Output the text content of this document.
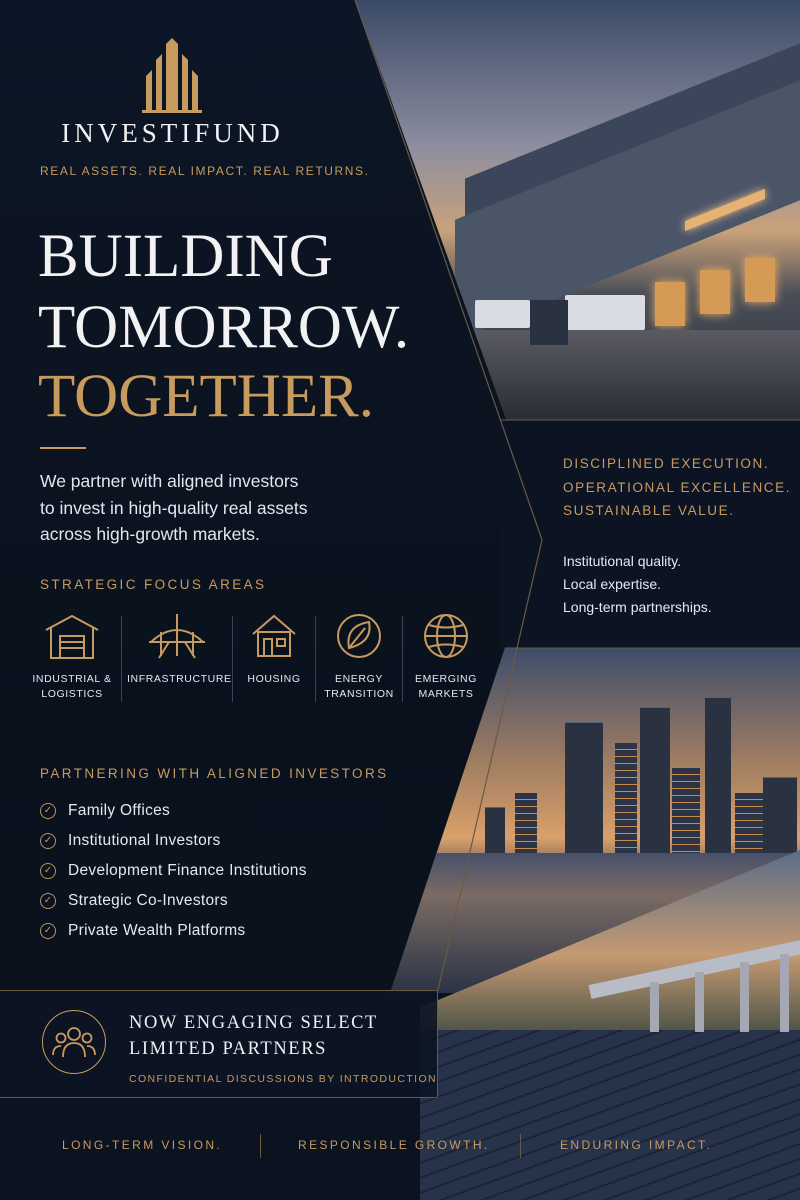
INVESTIFUND
REAL ASSETS. REAL IMPACT. REAL RETURNS.
BUILDING
TOMORROW.
TOGETHER.
We partner with aligned investors
to invest in high-quality real assets
across high-growth markets.
STRATEGIC FOCUS AREAS
INDUSTRIAL &
LOGISTICS
INFRASTRUCTURE	HOUSING	ENERGY
TRANSITION
EMERGING
MARKETS
PARTNERING WITH ALIGNED INVESTORS
✓ Family Offices
✓ Institutional Investors
✓ Development Finance Institutions
✓ Strategic Co-Investors
✓ Private Wealth Platforms
DISCIPLINED EXECUTION.
OPERATIONAL EXCELLENCE.
SUSTAINABLE VALUE.
Institutional quality.
Local expertise.
Long-term partnerships.
NOW ENGAGING SELECT
LIMITED PARTNERS
CONFIDENTIAL DISCUSSIONS BY INTRODUCTION
LONG-TERM VISION.	RESPONSIBLE GROWTH.	ENDURING IMPACT.
